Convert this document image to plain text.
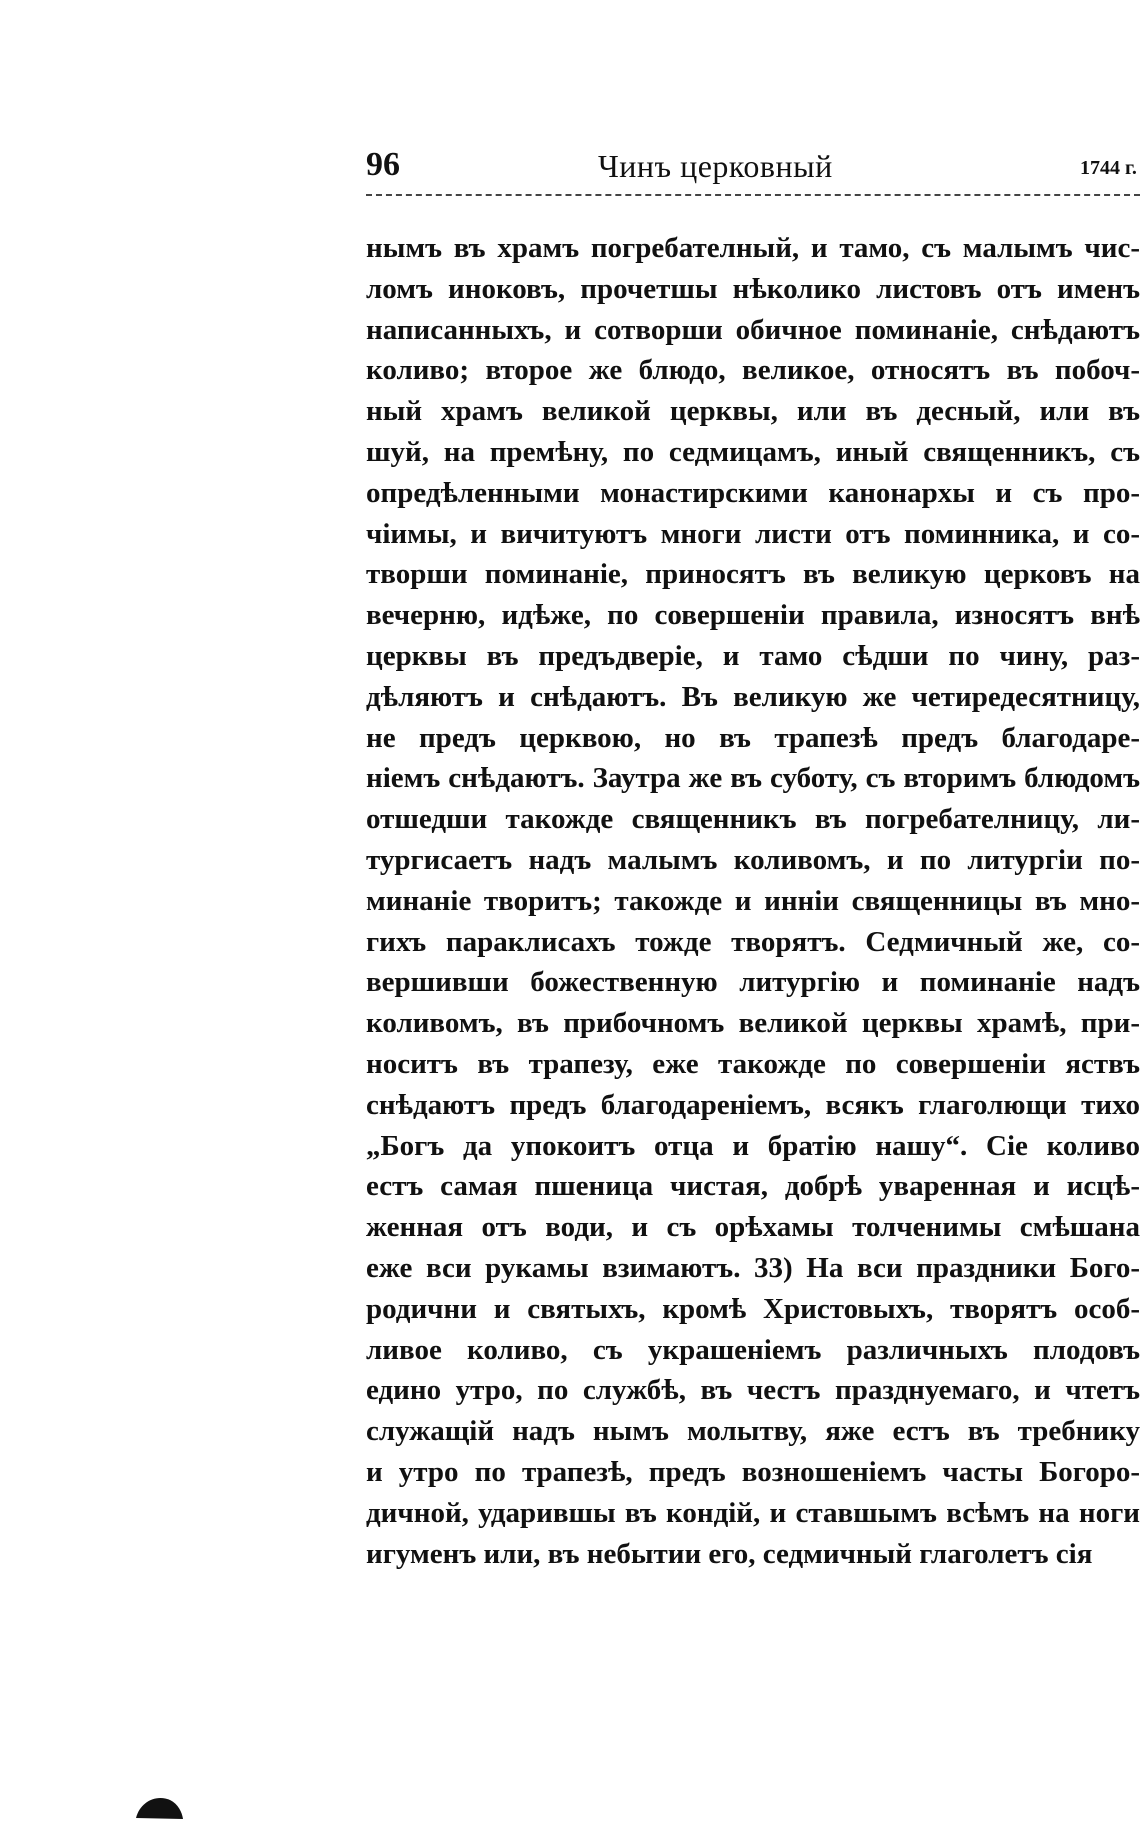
96	Чинъ церковный	1744 г.
нымъ въ храмъ погребателный, и тамо, съ малымъ чис-
ломъ иноковъ, прочетшы нѣколико листовъ отъ именъ
написанныхъ, и сотворши обичное поминаніе, снѣдаютъ
коливо; второе же блюдо, великое, относятъ въ побоч-
ный храмъ великой церквы, или въ десный, или въ
шуй, на премѣну, по седмицамъ, иный священникъ, съ
опредѣленными монастирскими канонархы и съ про-
чіимы, и вичитуютъ многи листи отъ поминника, и со-
творши поминаніе, приносятъ въ великую церковъ на
вечерню, идѣже, по совершеніи правила, износятъ внѣ
церквы въ предъдверіе, и тамо сѣдши по чину, раз-
дѣляютъ и снѣдаютъ. Въ великую же четиредесятницу,
не предъ церквою, но въ трапезѣ предъ благодаре-
ніемъ снѣдаютъ. Заутра же въ суботу, съ вторимъ блюдомъ
отшедши такожде священникъ въ погребателницу, ли-
тургисаетъ надъ малымъ коливомъ, и по литургіи по-
минаніе творитъ; такожде и инніи священницы въ мно-
гихъ параклисахъ тожде творятъ. Седмичный же, со-
вершивши божественную литургію и поминаніе надъ
коливомъ, въ прибочномъ великой церквы храмѣ, при-
носитъ въ трапезу, еже такожде по совершеніи яствъ
снѣдаютъ предъ благодареніемъ, всякъ глаголющи тихо
„Богъ да упокоитъ отца и братію нашу“. Сіе коливо
естъ самая пшеница чистая, добрѣ уваренная и исцѣ-
женная отъ води, и съ орѣхамы толченимы смѣшана
еже вси рукамы взимаютъ. 33) На вси праздники Бого-
родични и святыхъ, кромѣ Христовыхъ, творятъ особ-
ливое коливо, съ украшеніемъ различныхъ плодовъ
едино утро, по службѣ, въ честъ празднуемаго, и чтетъ
служащій надъ нымъ молытву, яже естъ въ требнику
и утро по трапезѣ, предъ возношеніемъ часты Богоро-
дичной, ударившы въ кондій, и ставшымъ всѣмъ на ноги
игуменъ или, въ небытии его, седмичный глаголетъ сія
